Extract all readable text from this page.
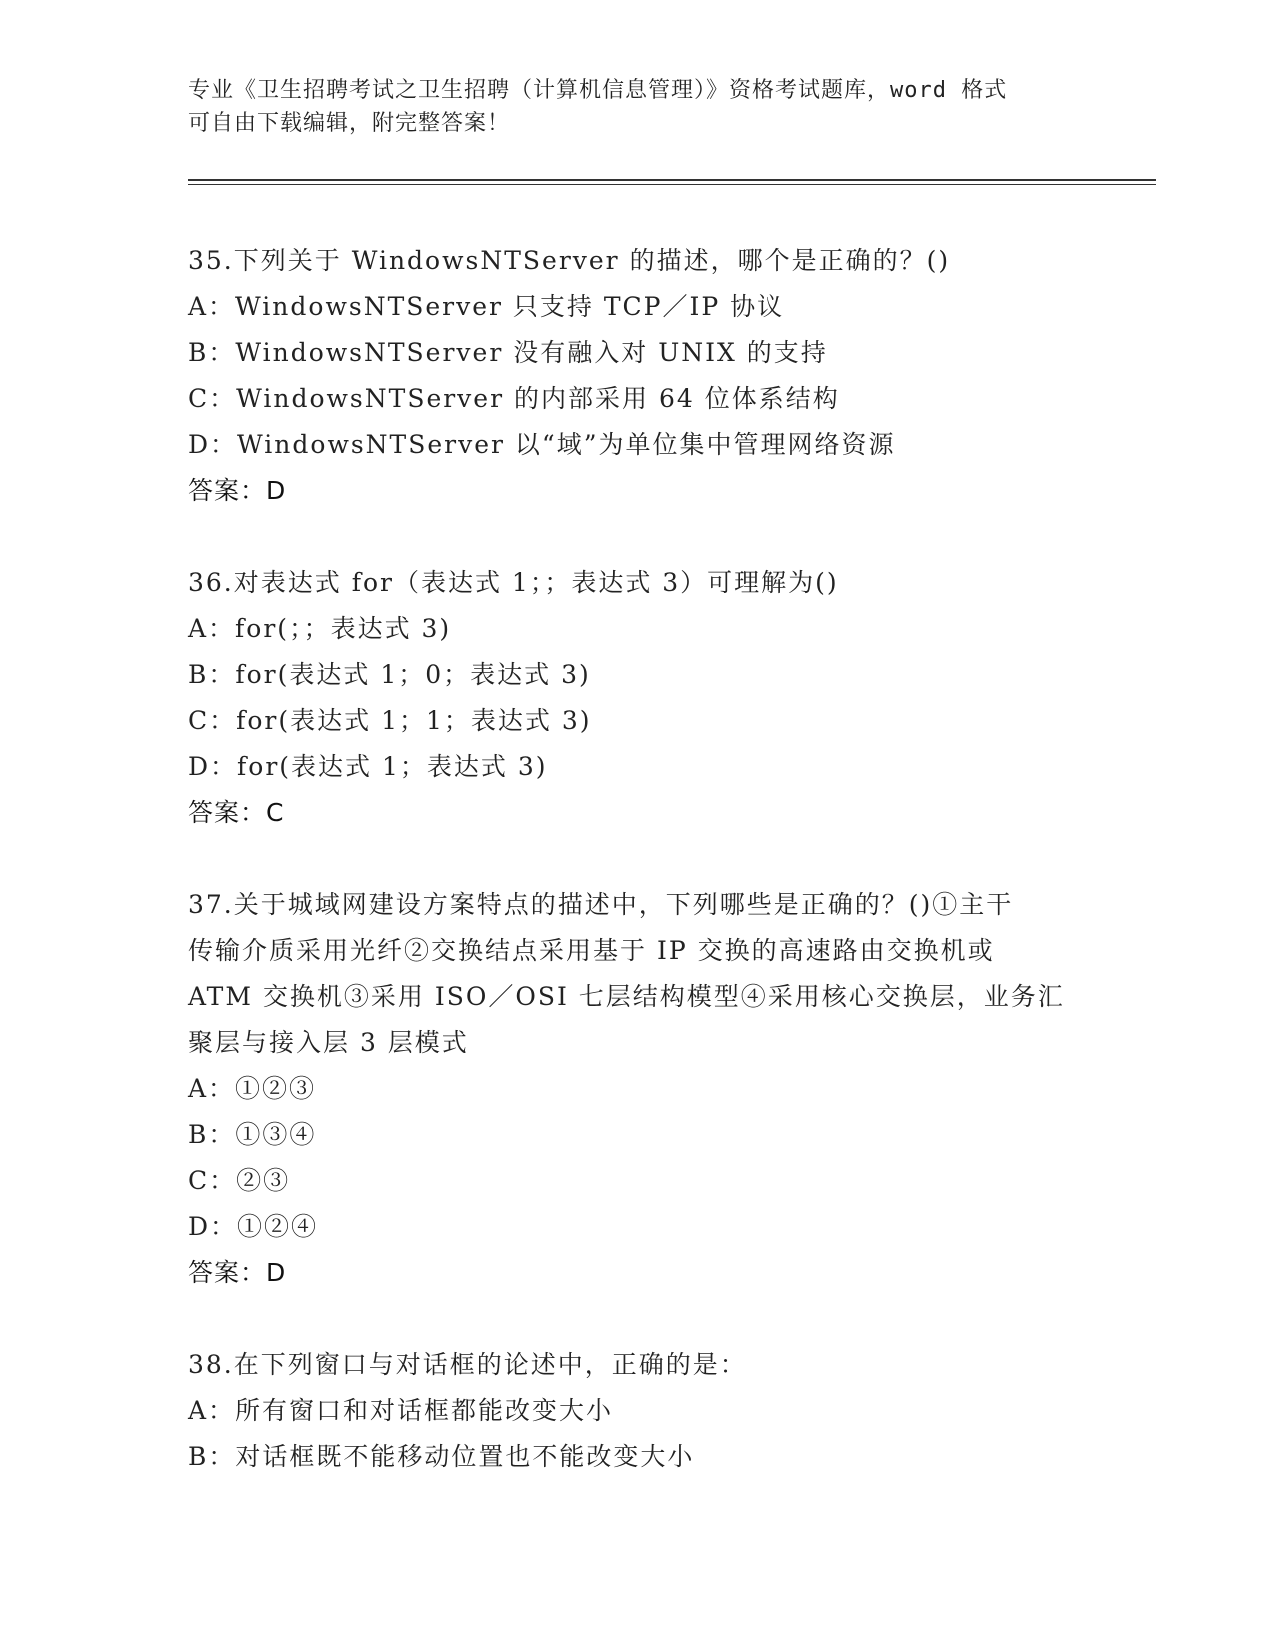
专业《卫生招聘考试之卫生招聘（计算机信息管理）》资格考试题库，word 格式
可自由下载编辑，附完整答案！
35.下列关于 WindowsNTServer 的描述，哪个是正确的？()
A：WindowsNTServer 只支持 TCP／IP 协议
B：WindowsNTServer 没有融入对 UNIX 的支持
C：WindowsNTServer 的内部采用 64 位体系结构
D：WindowsNTServer 以“域”为单位集中管理网络资源
答案：D
36.对表达式 for（表达式 1；；表达式 3）可理解为()
A：for(；；表达式 3)
B：for(表达式 1；0；表达式 3)
C：for(表达式 1；1；表达式 3)
D：for(表达式 1；表达式 3)
答案：C
37.关于城域网建设方案特点的描述中，下列哪些是正确的？()①主干
传输介质采用光纤②交换结点采用基于 IP 交换的高速路由交换机或
ATM 交换机③采用 ISO／OSI 七层结构模型④采用核心交换层，业务汇
聚层与接入层 3 层模式
A：①②③
B：①③④
C：②③
D：①②④
答案：D
38.在下列窗口与对话框的论述中，正确的是：
A：所有窗口和对话框都能改变大小
B：对话框既不能移动位置也不能改变大小
